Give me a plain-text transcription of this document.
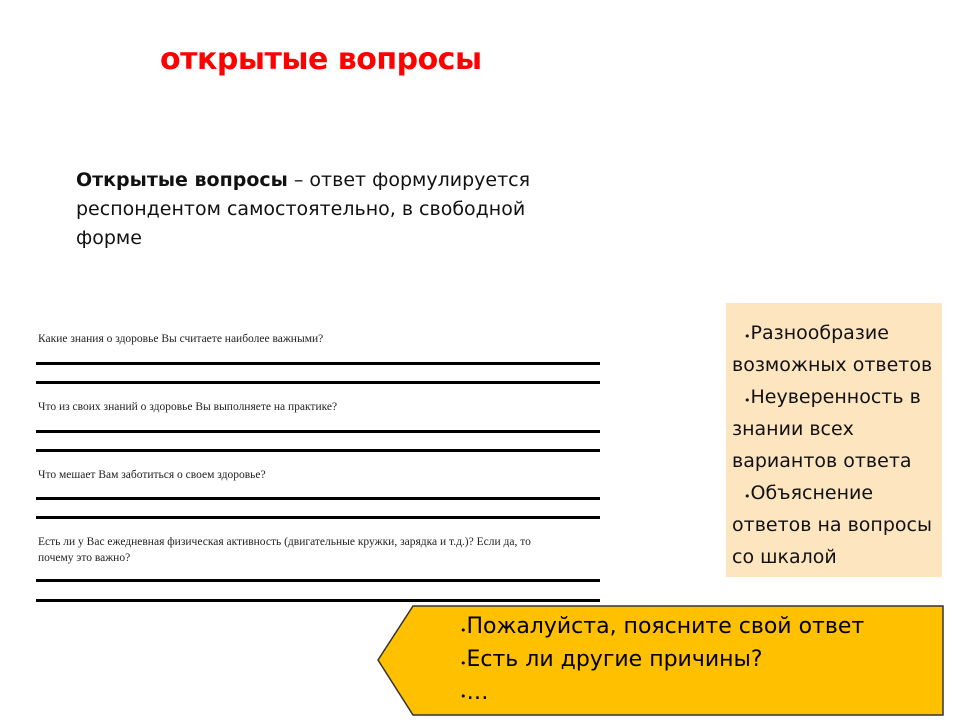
открытые вопросы
Открытые вопросы – ответ формулируется респондентом самостоятельно, в свободной форме
Какие знания о здоровье Вы считаете наиболее важными?
Что из своих знаний о здоровье Вы выполняете на практике?
Что мешает Вам заботиться о своем здоровье?
Есть ли у Вас ежедневная физическая активность (двигательные кружки, зарядка и т.д.)? Если да, то почему это важно?
•Разнообразие возможных ответов
•Неуверенность в знании всех вариантов ответа
•Объяснение ответов на вопросы со шкалой
•Пожалуйста, поясните свой ответ
•Есть ли другие причины?
•…
